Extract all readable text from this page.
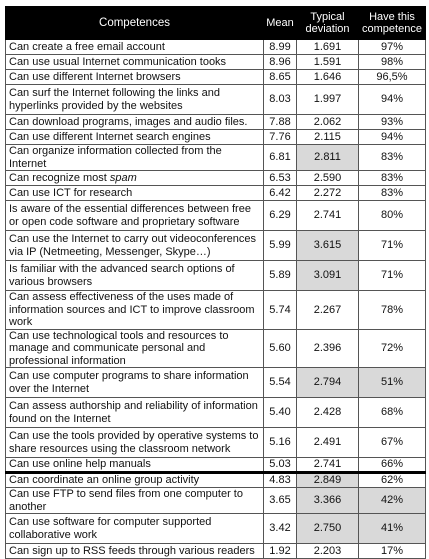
Competences	Mean	Typical deviation	Have this competence
Can create a free email account	8.99	1.691	97%
Can use usual Internet communication tooks	8.96	1.591	98%
Can use different Internet browsers	8.65	1.646	96,5%
Can surf the Internet following the links and hyperlinks provided by the websites	8.03	1.997	94%
Can download programs, images and audio files.	7.88	2.062	93%
Can use different Internet search engines	7.76	2.115	94%
Can organize information collected from the Internet	6.81	2.811	83%
Can recognize most spam	6.53	2.590	83%
Can use ICT for research	6.42	2.272	83%
Is aware of the essential differences between free or open code software and proprietary software	6.29	2.741	80%
Can use the Internet to carry out videoconferences via IP (Netmeeting, Messenger, Skype…)	5.99	3.615	71%
Is familiar with the advanced search options of various browsers	5.89	3.091	71%
Can assess effectiveness of the uses made of information sources and ICT to improve classroom work	5.74	2.267	78%
Can use technological tools and resources to manage and communicate personal and professional information	5.60	2.396	72%
Can use computer programs to share information over the Internet	5.54	2.794	51%
Can assess authorship and reliability of information found on the Internet	5.40	2.428	68%
Can use the tools provided by operative systems to share resources using the classroom network	5.16	2.491	67%
Can use online help manuals	5.03	2.741	66%
Can coordinate an online group activity	4.83	2.849	62%
Can use FTP to send files from one computer to another	3.65	3.366	42%
Can use software for computer supported collaborative work	3.42	2.750	41%
Can sign up to RSS feeds through various readers	1.92	2.203	17%
